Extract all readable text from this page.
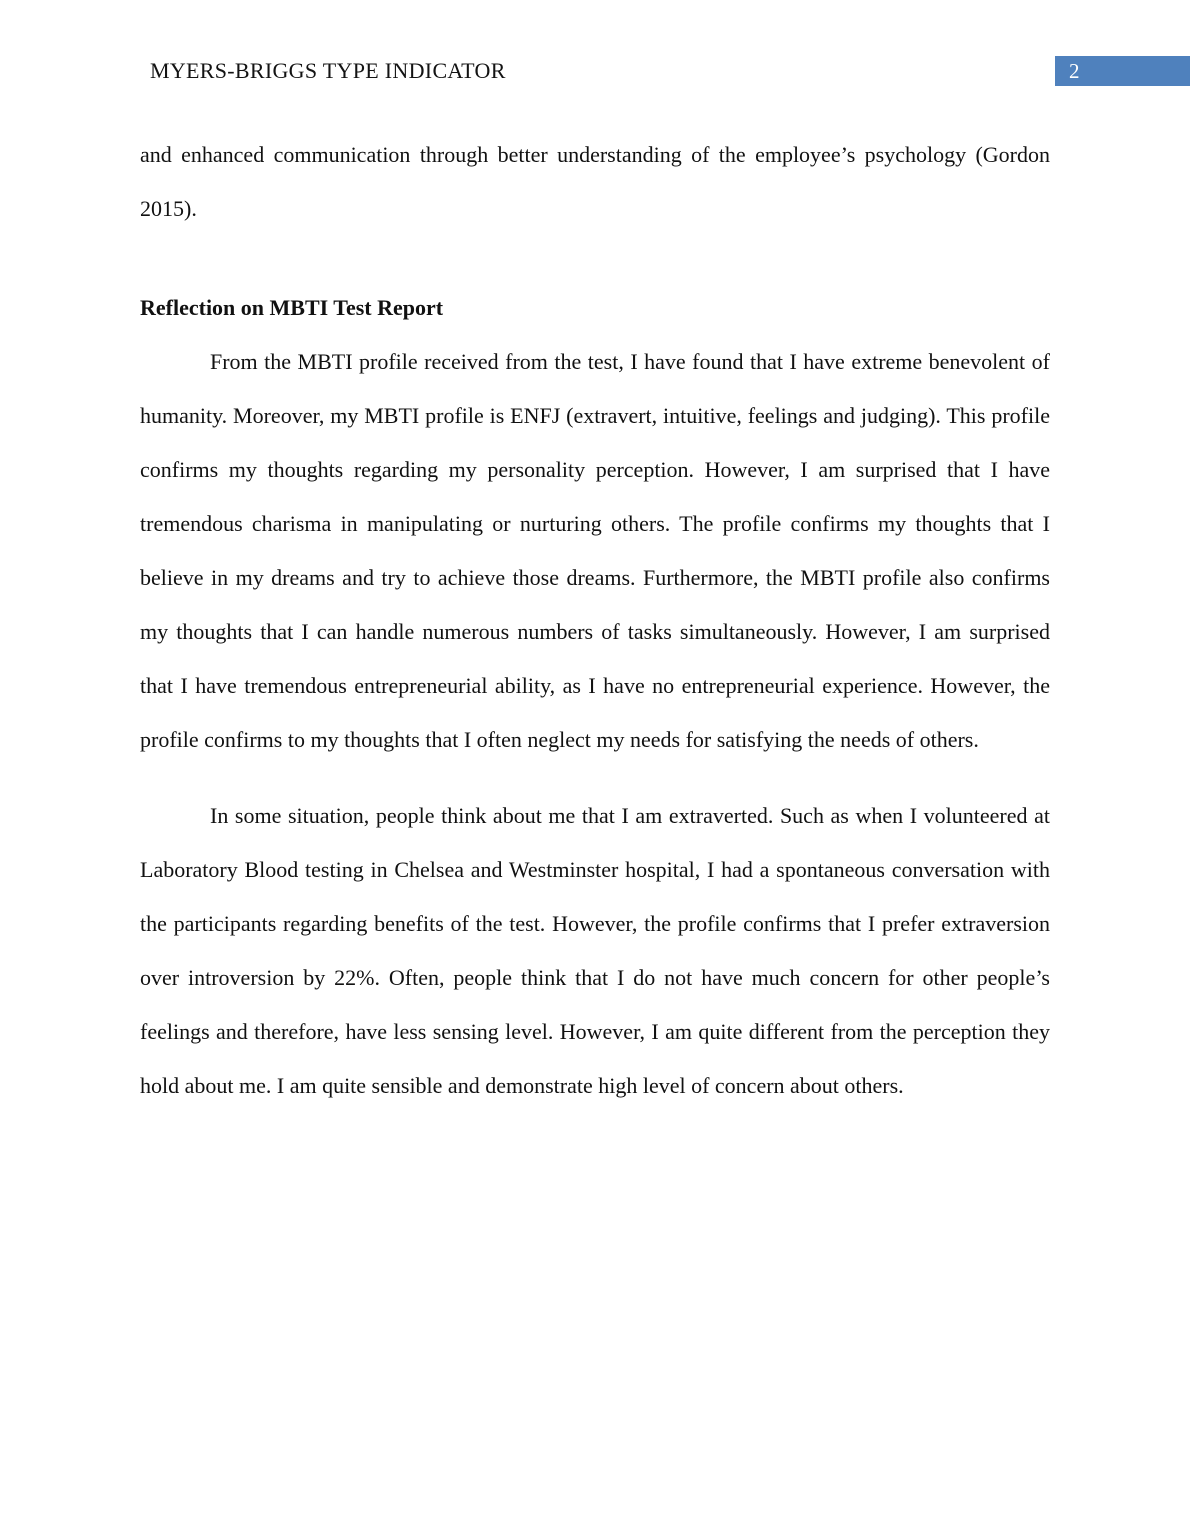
MYERS-BRIGGS TYPE INDICATOR	2

and enhanced communication through better understanding of the employee’s psychology (Gordon 2015).

Reflection on MBTI Test Report

From the MBTI profile received from the test, I have found that I have extreme benevolent of humanity. Moreover, my MBTI profile is ENFJ (extravert, intuitive, feelings and judging). This profile confirms my thoughts regarding my personality perception. However, I am surprised that I have tremendous charisma in manipulating or nurturing others. The profile confirms my thoughts that I believe in my dreams and try to achieve those dreams. Furthermore, the MBTI profile also confirms my thoughts that I can handle numerous numbers of tasks simultaneously. However, I am surprised that I have tremendous entrepreneurial ability, as I have no entrepreneurial experience. However, the profile confirms to my thoughts that I often neglect my needs for satisfying the needs of others.

In some situation, people think about me that I am extraverted. Such as when I volunteered at Laboratory Blood testing in Chelsea and Westminster hospital, I had a spontaneous conversation with the participants regarding benefits of the test. However, the profile confirms that I prefer extraversion over introversion by 22%. Often, people think that I do not have much concern for other people’s feelings and therefore, have less sensing level. However, I am quite different from the perception they hold about me. I am quite sensible and demonstrate high level of concern about others.
